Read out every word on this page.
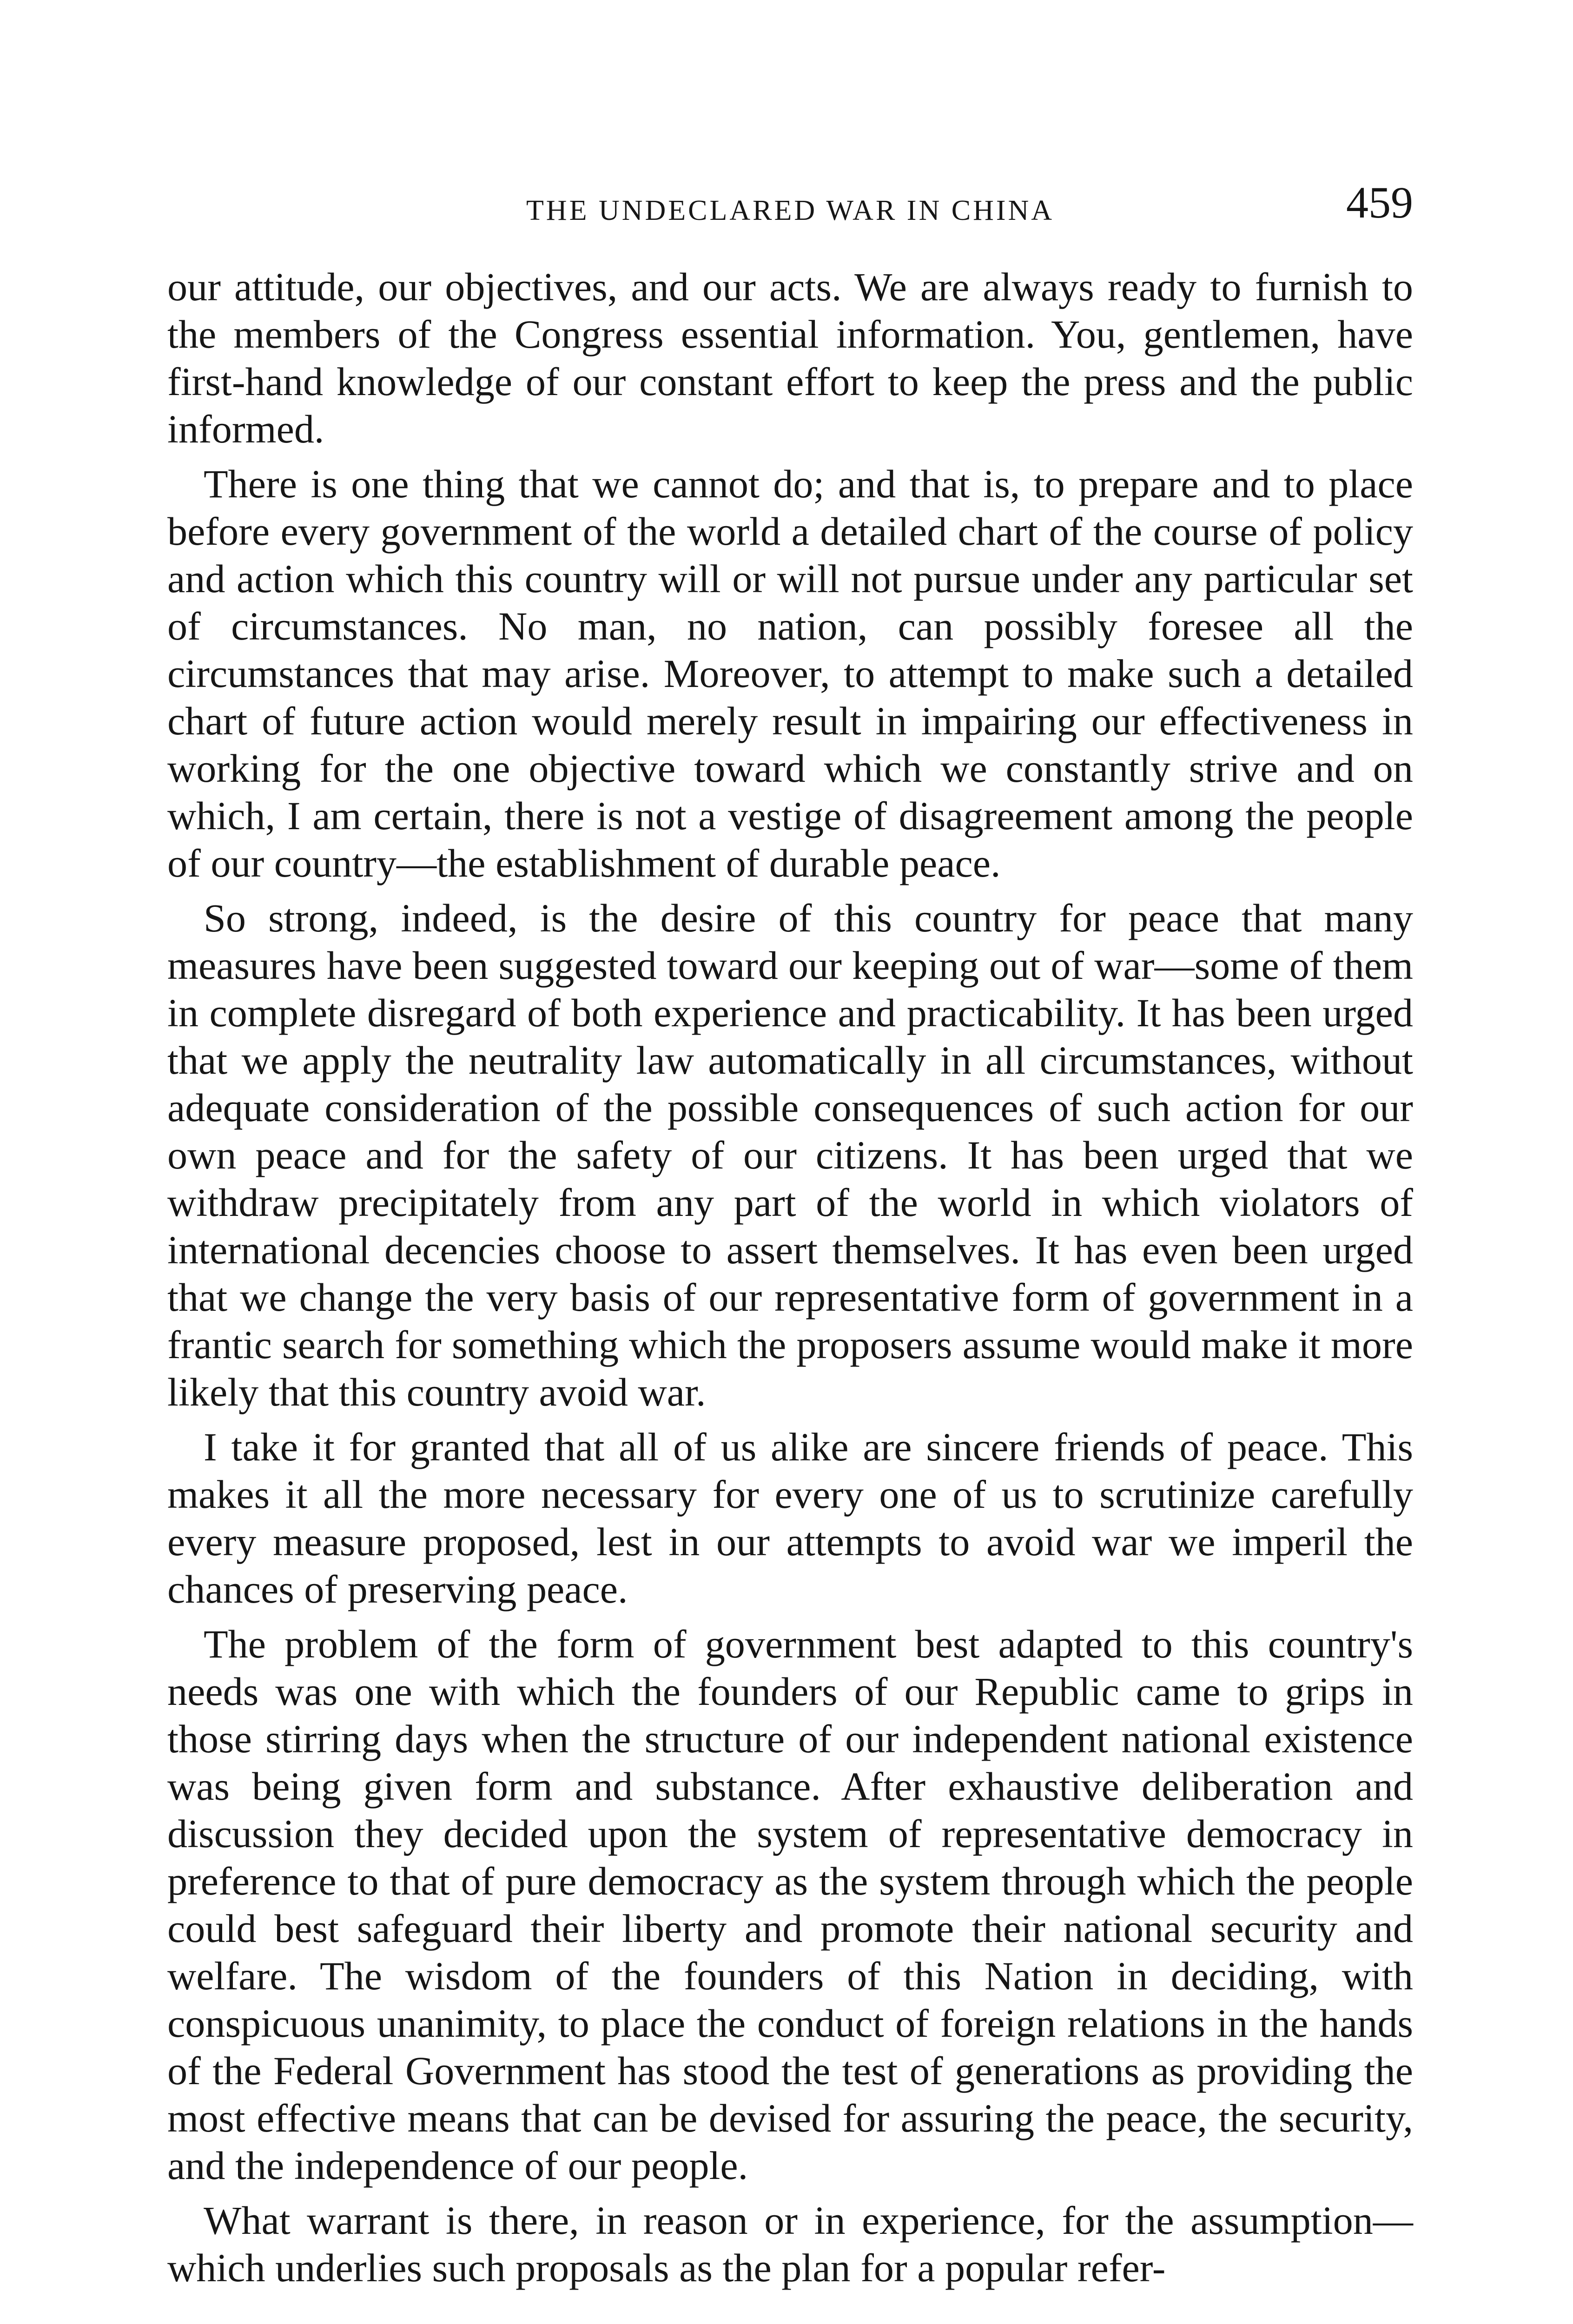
THE UNDECLARED WAR IN CHINA	459

our attitude, our objectives, and our acts. We are always ready to furnish to the members of the Congress essential information. You, gentlemen, have first-hand knowledge of our constant effort to keep the press and the public informed.

There is one thing that we cannot do; and that is, to prepare and to place before every government of the world a detailed chart of the course of policy and action which this country will or will not pursue under any particular set of circumstances. No man, no nation, can possibly foresee all the circumstances that may arise. Moreover, to attempt to make such a detailed chart of future action would merely result in impairing our effectiveness in working for the one objective toward which we constantly strive and on which, I am certain, there is not a vestige of disagreement among the people of our country—the establishment of durable peace.

So strong, indeed, is the desire of this country for peace that many measures have been suggested toward our keeping out of war—some of them in complete disregard of both experience and practicability. It has been urged that we apply the neutrality law automatically in all circumstances, without adequate consideration of the possible consequences of such action for our own peace and for the safety of our citizens. It has been urged that we withdraw precipitately from any part of the world in which violators of international decencies choose to assert themselves. It has even been urged that we change the very basis of our representative form of government in a frantic search for something which the proposers assume would make it more likely that this country avoid war.

I take it for granted that all of us alike are sincere friends of peace. This makes it all the more necessary for every one of us to scrutinize carefully every measure proposed, lest in our attempts to avoid war we imperil the chances of preserving peace.

The problem of the form of government best adapted to this country's needs was one with which the founders of our Republic came to grips in those stirring days when the structure of our independent national existence was being given form and substance. After exhaustive deliberation and discussion they decided upon the system of representative democracy in preference to that of pure democracy as the system through which the people could best safeguard their liberty and promote their national security and welfare. The wisdom of the founders of this Nation in deciding, with conspicuous unanimity, to place the conduct of foreign relations in the hands of the Federal Government has stood the test of generations as providing the most effective means that can be devised for assuring the peace, the security, and the independence of our people.

What warrant is there, in reason or in experience, for the assumption—which underlies such proposals as the plan for a popular refer-
